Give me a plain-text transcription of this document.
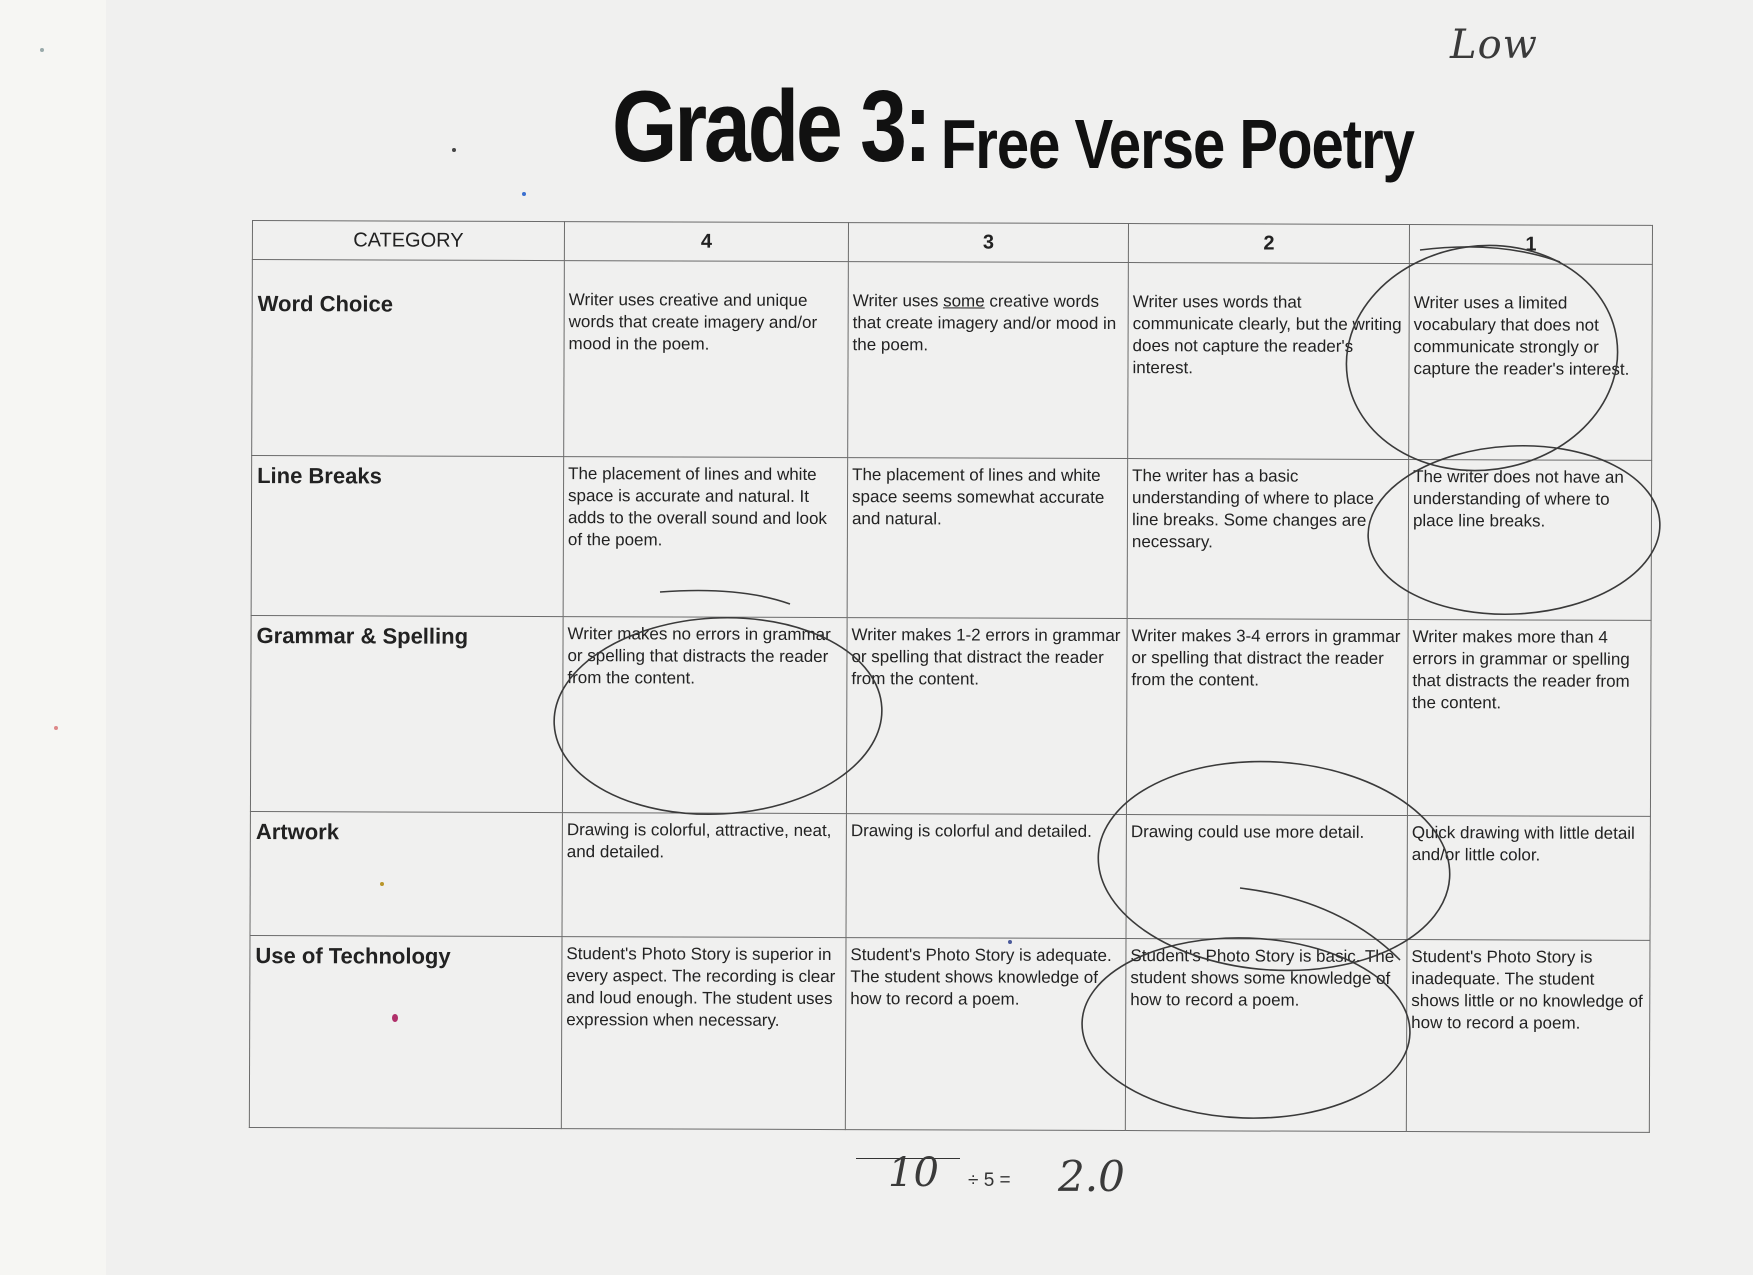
Low
Grade 3: Free Verse Poetry
CATEGORY	4	3	2	1
Word Choice	Writer uses creative and unique words that create imagery and/or mood in the poem.	Writer uses some creative words that create imagery and/or mood in the poem.	Writer uses words that communicate clearly, but the writing does not capture the reader's interest.	Writer uses a limited vocabulary that does not communicate strongly or capture the reader's interest.
Line Breaks	The placement of lines and white space is accurate and natural. It adds to the overall sound and look of the poem.	The placement of lines and white space seems somewhat accurate and natural.	The writer has a basic understanding of where to place line breaks. Some changes are necessary.	The writer does not have an understanding of where to place line breaks.
Grammar & Spelling	Writer makes no errors in grammar or spelling that distracts the reader from the content.	Writer makes 1-2 errors in grammar or spelling that distract the reader from the content.	Writer makes 3-4 errors in grammar or spelling that distract the reader from the content.	Writer makes more than 4 errors in grammar or spelling that distracts the reader from the content.
Artwork	Drawing is colorful, attractive, neat, and detailed.	Drawing is colorful and detailed.	Drawing could use more detail.	Quick drawing with little detail and/or little color.
Use of Technology	Student's Photo Story is superior in every aspect. The recording is clear and loud enough. The student uses expression when necessary.	Student's Photo Story is adequate. The student shows knowledge of how to record a poem.	Student's Photo Story is basic. The student shows some knowledge of how to record a poem.	Student's Photo Story is inadequate. The student shows little or no knowledge of how to record a poem.
10 ÷ 5 = 2.0
